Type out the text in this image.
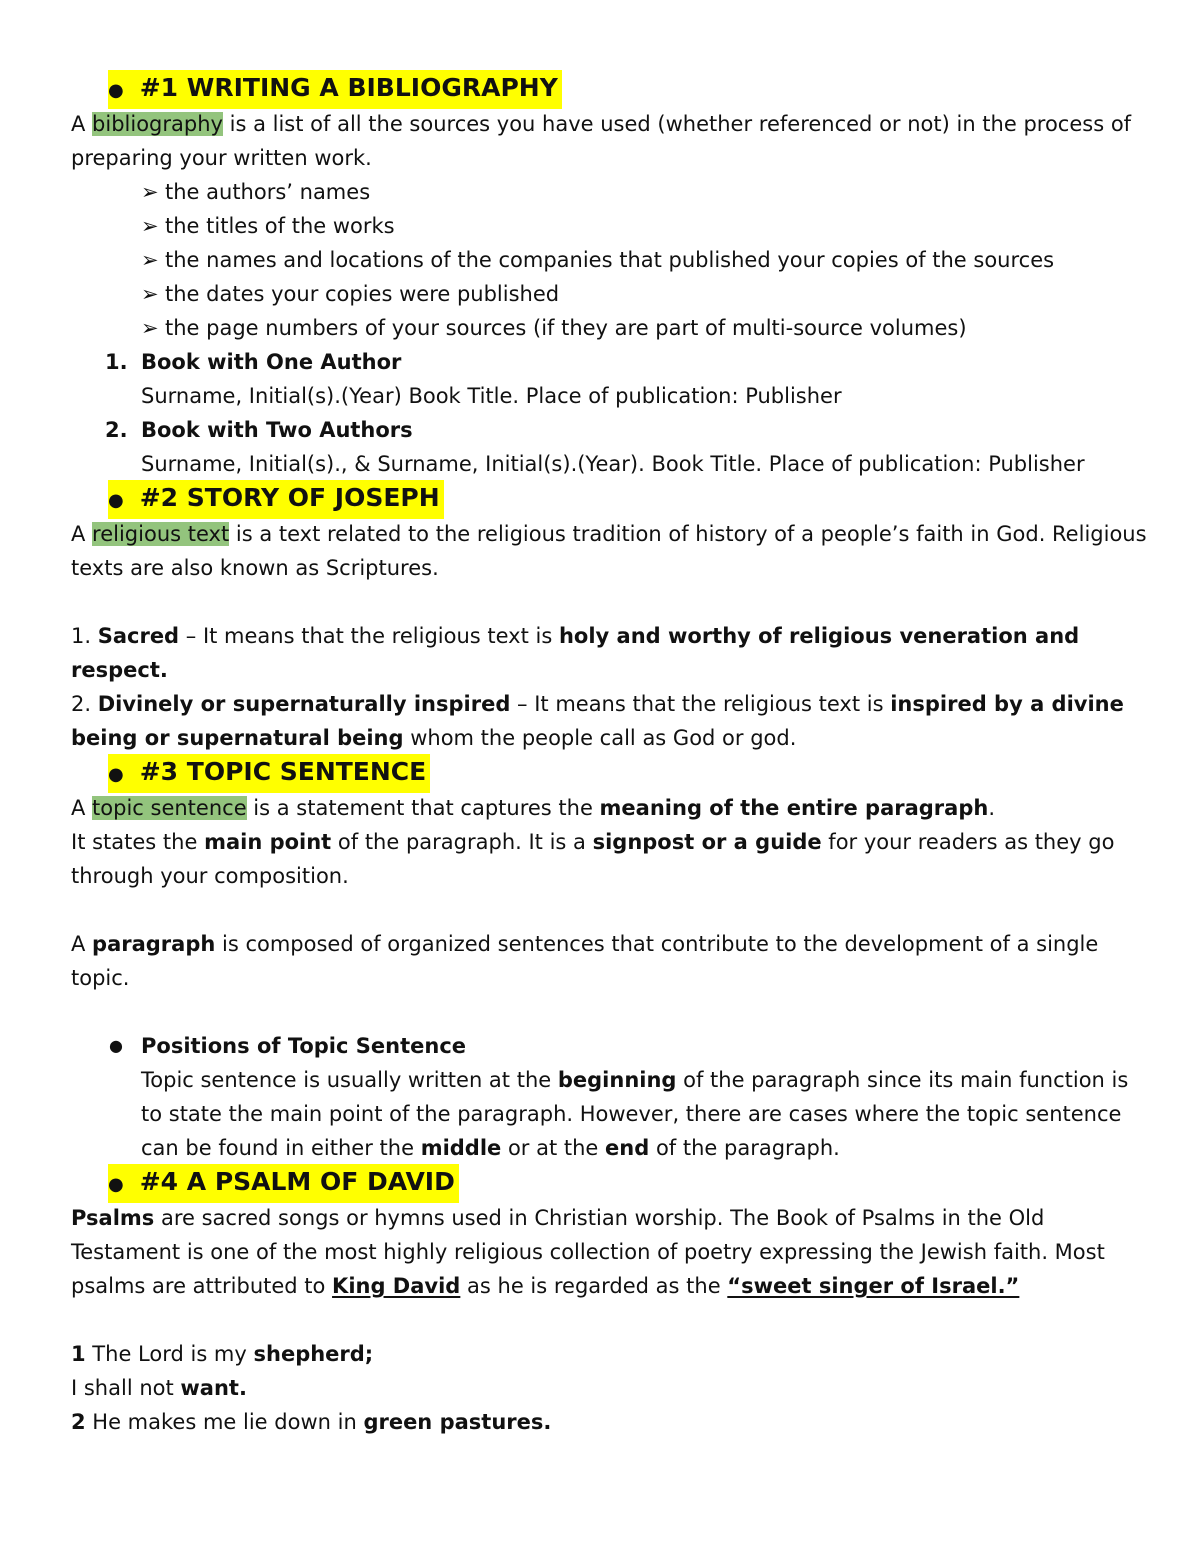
● #1 WRITING A BIBLIOGRAPHY

A bibliography is a list of all the sources you have used (whether referenced or not) in the process of preparing your written work.

➢ the authors’ names
➢ the titles of the works
➢ the names and locations of the companies that published your copies of the sources
➢ the dates your copies were published
➢ the page numbers of your sources (if they are part of multi-source volumes)
1. Book with One Author

Surname, Initial(s).(Year) Book Title. Place of publication: Publisher

2. Book with Two Authors

Surname, Initial(s)., & Surname, Initial(s).(Year). Book Title. Place of publication: Publisher

● #2 STORY OF JOSEPH

A religious text is a text related to the religious tradition of history of a people’s faith in God. Religious texts are also known as Scriptures.

1. Sacred – It means that the religious text is holy and worthy of religious veneration and respect.

2. Divinely or supernaturally inspired – It means that the religious text is inspired by a divine being or supernatural being whom the people call as God or god.

● #3 TOPIC SENTENCE

A topic sentence is a statement that captures the meaning of the entire paragraph.

It states the main point of the paragraph. It is a signpost or a guide for your readers as they go through your composition.

A paragraph is composed of organized sentences that contribute to the development of a single topic.

● Positions of Topic Sentence

Topic sentence is usually written at the beginning of the paragraph since its main function is to state the main point of the paragraph. However, there are cases where the topic sentence can be found in either the middle or at the end of the paragraph.

● #4 A PSALM OF DAVID

Psalms are sacred songs or hymns used in Christian worship. The Book of Psalms in the Old Testament is one of the most highly religious collection of poetry expressing the Jewish faith. Most psalms are attributed to King David as he is regarded as the “sweet singer of Israel.”

1 The Lord is my shepherd;

I shall not want.

2 He makes me lie down in green pastures.
